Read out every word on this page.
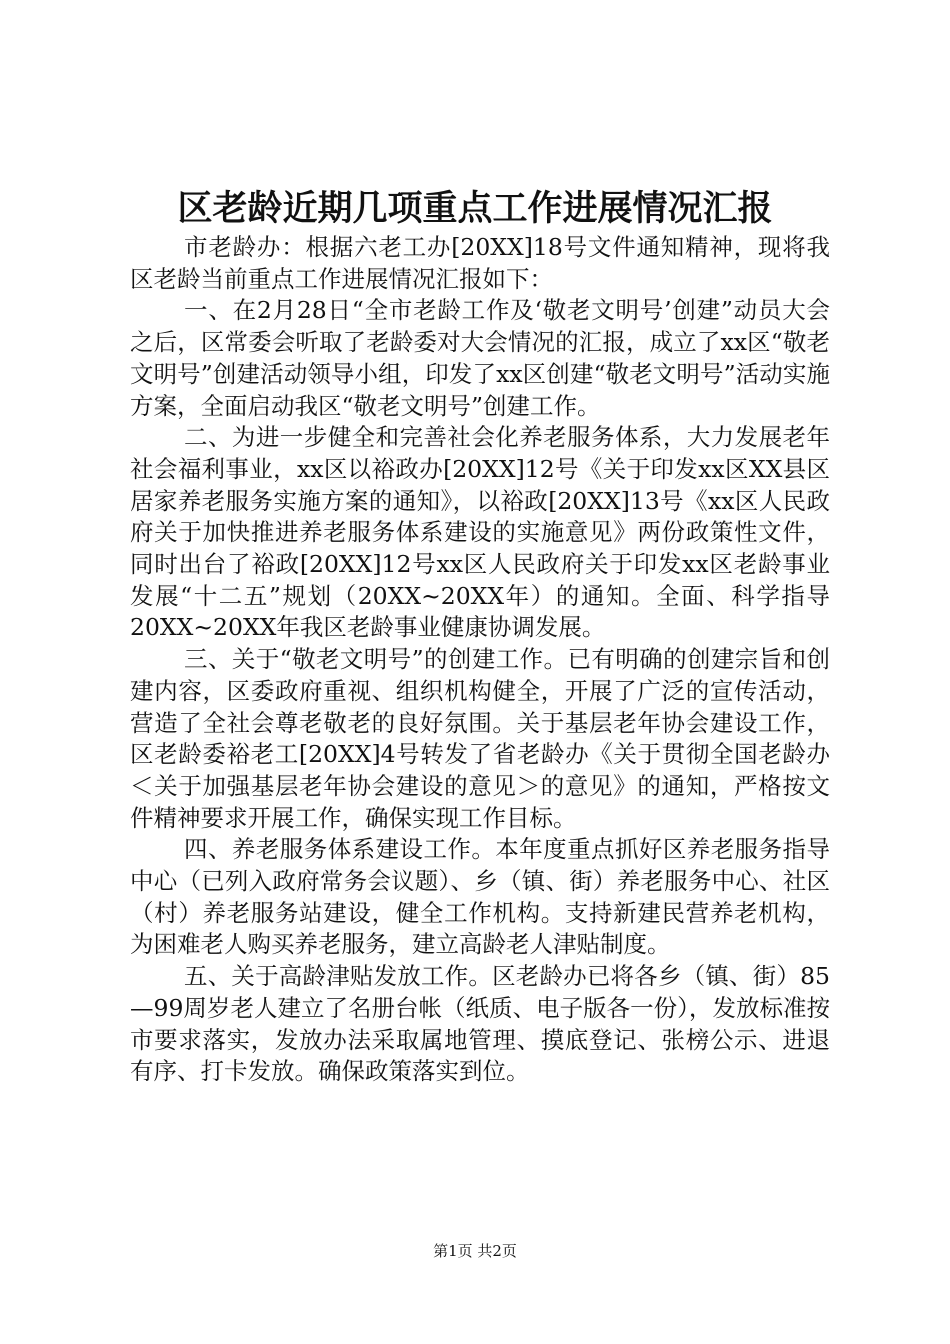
区老龄近期几项重点工作进展情况汇报

市老龄办：根据六老工办[20XX]18号文件通知精神，现将我区老龄当前重点工作进展情况汇报如下：

一、在2月28日“全市老龄工作及‘敬老文明号’创建”动员大会之后，区常委会听取了老龄委对大会情况的汇报，成立了xx区“敬老文明号”创建活动领导小组，印发了xx区创建“敬老文明号”活动实施方案，全面启动我区“敬老文明号”创建工作。

二、为进一步健全和完善社会化养老服务体系，大力发展老年社会福利事业，xx区以裕政办[20XX]12号《关于印发xx区XX县区居家养老服务实施方案的通知》，以裕政[20XX]13号《xx区人民政府关于加快推进养老服务体系建设的实施意见》两份政策性文件，同时出台了裕政[20XX]12号xx区人民政府关于印发xx区老龄事业发展“十二五”规划（20XX~20XX年）的通知。全面、科学指导20XX~20XX年我区老龄事业健康协调发展。

三、关于“敬老文明号”的创建工作。已有明确的创建宗旨和创建内容，区委政府重视、组织机构健全，开展了广泛的宣传活动，营造了全社会尊老敬老的良好氛围。关于基层老年协会建设工作，区老龄委裕老工[20XX]4号转发了省老龄办《关于贯彻全国老龄办＜关于加强基层老年协会建设的意见＞的意见》的通知，严格按文件精神要求开展工作，确保实现工作目标。

四、养老服务体系建设工作。本年度重点抓好区养老服务指导中心（已列入政府常务会议题）、乡（镇、街）养老服务中心、社区（村）养老服务站建设，健全工作机构。支持新建民营养老机构，为困难老人购买养老服务，建立高龄老人津贴制度。

五、关于高龄津贴发放工作。区老龄办已将各乡（镇、街）85—99周岁老人建立了名册台帐（纸质、电子版各一份），发放标准按市要求落实，发放办法采取属地管理、摸底登记、张榜公示、进退有序、打卡发放。确保政策落实到位。

第1页 共2页
